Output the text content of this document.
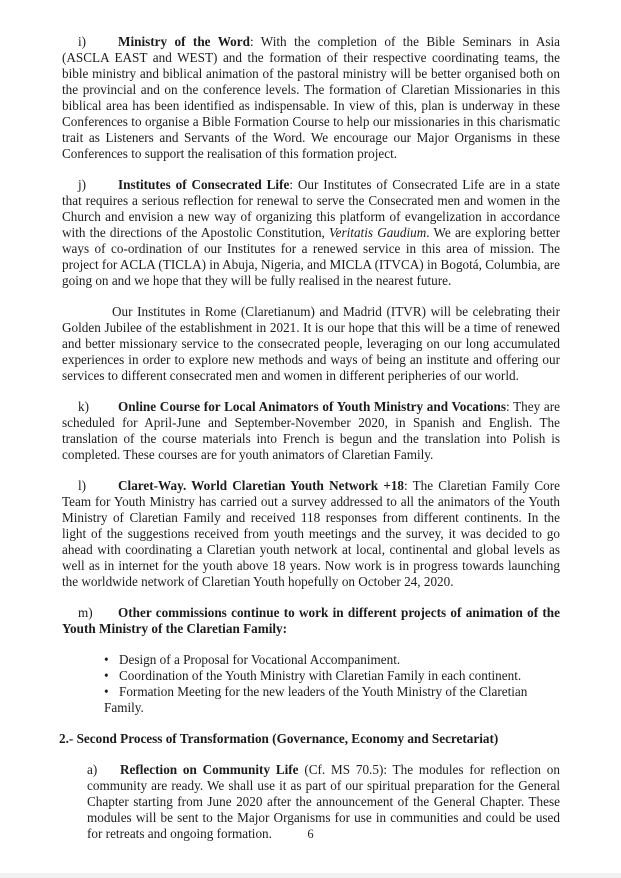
i) Ministry of the Word: With the completion of the Bible Seminars in Asia (ASCLA EAST and WEST) and the formation of their respective coordinating teams, the bible ministry and biblical animation of the pastoral ministry will be better organised both on the provincial and on the conference levels. The formation of Claretian Missionaries in this biblical area has been identified as indispensable. In view of this, plan is underway in these Conferences to organise a Bible Formation Course to help our missionaries in this charismatic trait as Listeners and Servants of the Word. We encourage our Major Organisms in these Conferences to support the realisation of this formation project.

j) Institutes of Consecrated Life: Our Institutes of Consecrated Life are in a state that requires a serious reflection for renewal to serve the Consecrated men and women in the Church and envision a new way of organizing this platform of evangelization in accordance with the directions of the Apostolic Constitution, Veritatis Gaudium. We are exploring better ways of co-ordination of our Institutes for a renewed service in this area of mission. The project for ACLA (TICLA) in Abuja, Nigeria, and MICLA (ITVCA) in Bogotá, Columbia, are going on and we hope that they will be fully realised in the nearest future.

Our Institutes in Rome (Claretianum) and Madrid (ITVR) will be celebrating their Golden Jubilee of the establishment in 2021. It is our hope that this will be a time of renewed and better missionary service to the consecrated people, leveraging on our long accumulated experiences in order to explore new methods and ways of being an institute and offering our services to different consecrated men and women in different peripheries of our world.

k) Online Course for Local Animators of Youth Ministry and Vocations: They are scheduled for April-June and September-November 2020, in Spanish and English. The translation of the course materials into French is begun and the translation into Polish is completed. These courses are for youth animators of Claretian Family.

l) Claret-Way. World Claretian Youth Network +18: The Claretian Family Core Team for Youth Ministry has carried out a survey addressed to all the animators of the Youth Ministry of Claretian Family and received 118 responses from different continents. In the light of the suggestions received from youth meetings and the survey, it was decided to go ahead with coordinating a Claretian youth network at local, continental and global levels as well as in internet for the youth above 18 years. Now work is in progress towards launching the worldwide network of Claretian Youth hopefully on October 24, 2020.

m) Other commissions continue to work in different projects of animation of the Youth Ministry of the Claretian Family:

• Design of a Proposal for Vocational Accompaniment.
• Coordination of the Youth Ministry with Claretian Family in each continent.
• Formation Meeting for the new leaders of the Youth Ministry of the Claretian Family.

2.- Second Process of Transformation (Governance, Economy and Secretariat)

a) Reflection on Community Life (Cf. MS 70.5): The modules for reflection on community are ready. We shall use it as part of our spiritual preparation for the General Chapter starting from June 2020 after the announcement of the General Chapter. These modules will be sent to the Major Organisms for use in communities and could be used for retreats and ongoing formation.	6
